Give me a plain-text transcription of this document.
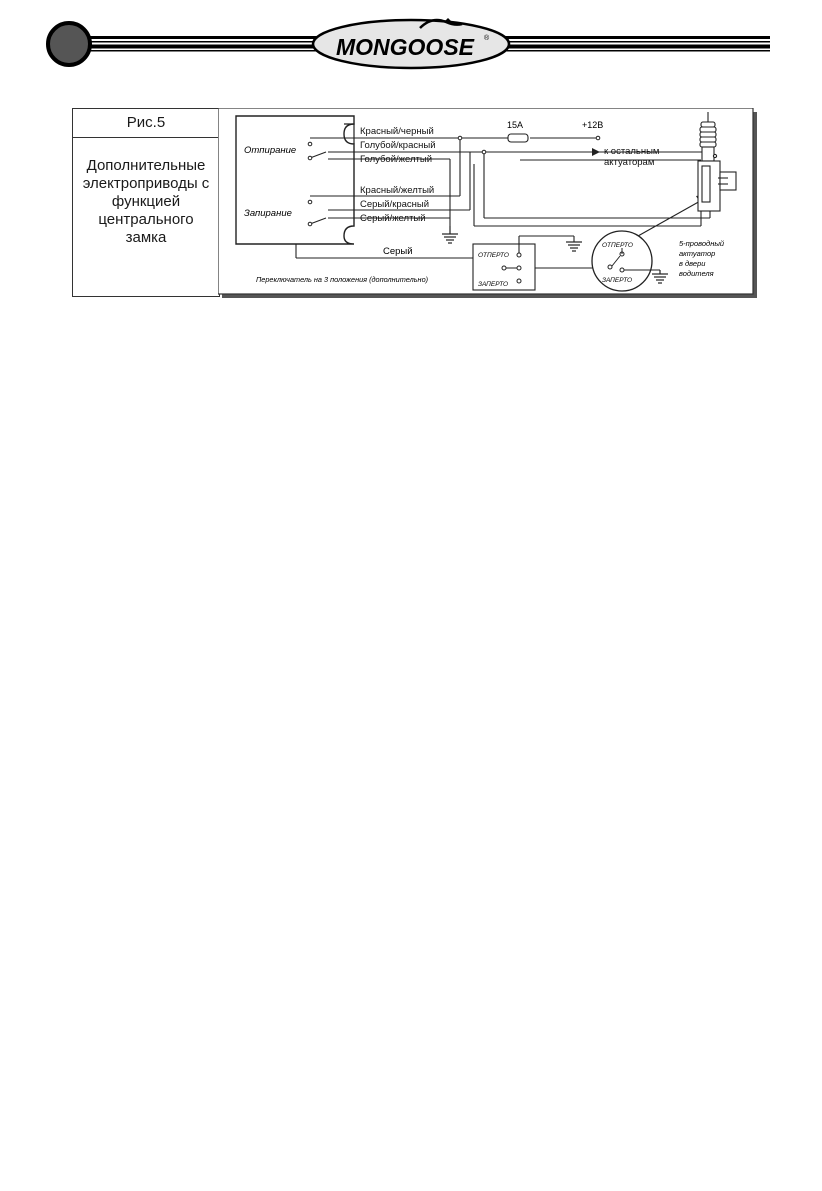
MONGOOSE ®
Рис.5
Дополнительные электроприводы с функцией центрального замка
Отпирание
Запирание
15А	+12В
Красный/черный
Голубой/красный
Голубой/желтый
Красный/желтый
Серый/красный
Серый/желтый
к остальным
актуаторам
Серый	ОТПЕРТО
ЗАПЕРТО
Переключатель на 3 положения (дополнительно)
ОТПЕРТО
ЗАПЕРТО
5-проводный
актуатор
в двери
водителя
